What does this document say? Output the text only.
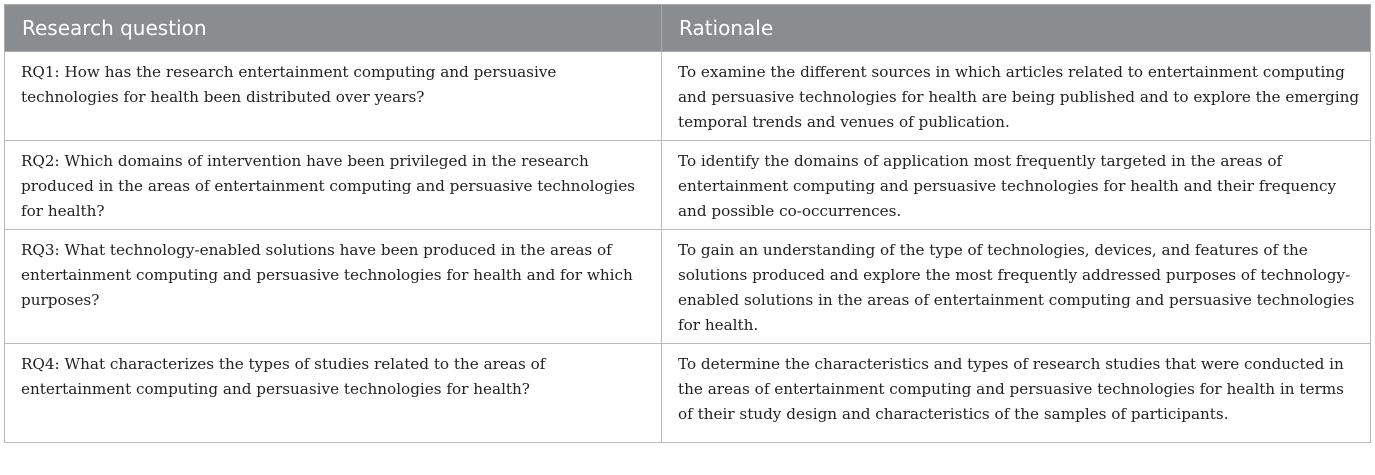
Research question	Rationale
RQ1: How has the research entertainment computing and persuasive technologies for health been distributed over years?	To examine the different sources in which articles related to entertainment computing and persuasive technologies for health are being published and to explore the emerging temporal trends and venues of publication.
RQ2: Which domains of intervention have been privileged in the research produced in the areas of entertainment computing and persuasive technologies for health?	To identify the domains of application most frequently targeted in the areas of entertainment computing and persuasive technologies for health and their frequency and possible co-occurrences.
RQ3: What technology-enabled solutions have been produced in the areas of entertainment computing and persuasive technologies for health and for which purposes?	To gain an understanding of the type of technologies, devices, and features of the solutions produced and explore the most frequently addressed purposes of technology-enabled solutions in the areas of entertainment computing and persuasive technologies for health.
RQ4: What characterizes the types of studies related to the areas of entertainment computing and persuasive technologies for health?	To determine the characteristics and types of research studies that were conducted in the areas of entertainment computing and persuasive technologies for health in terms of their study design and characteristics of the samples of participants.
